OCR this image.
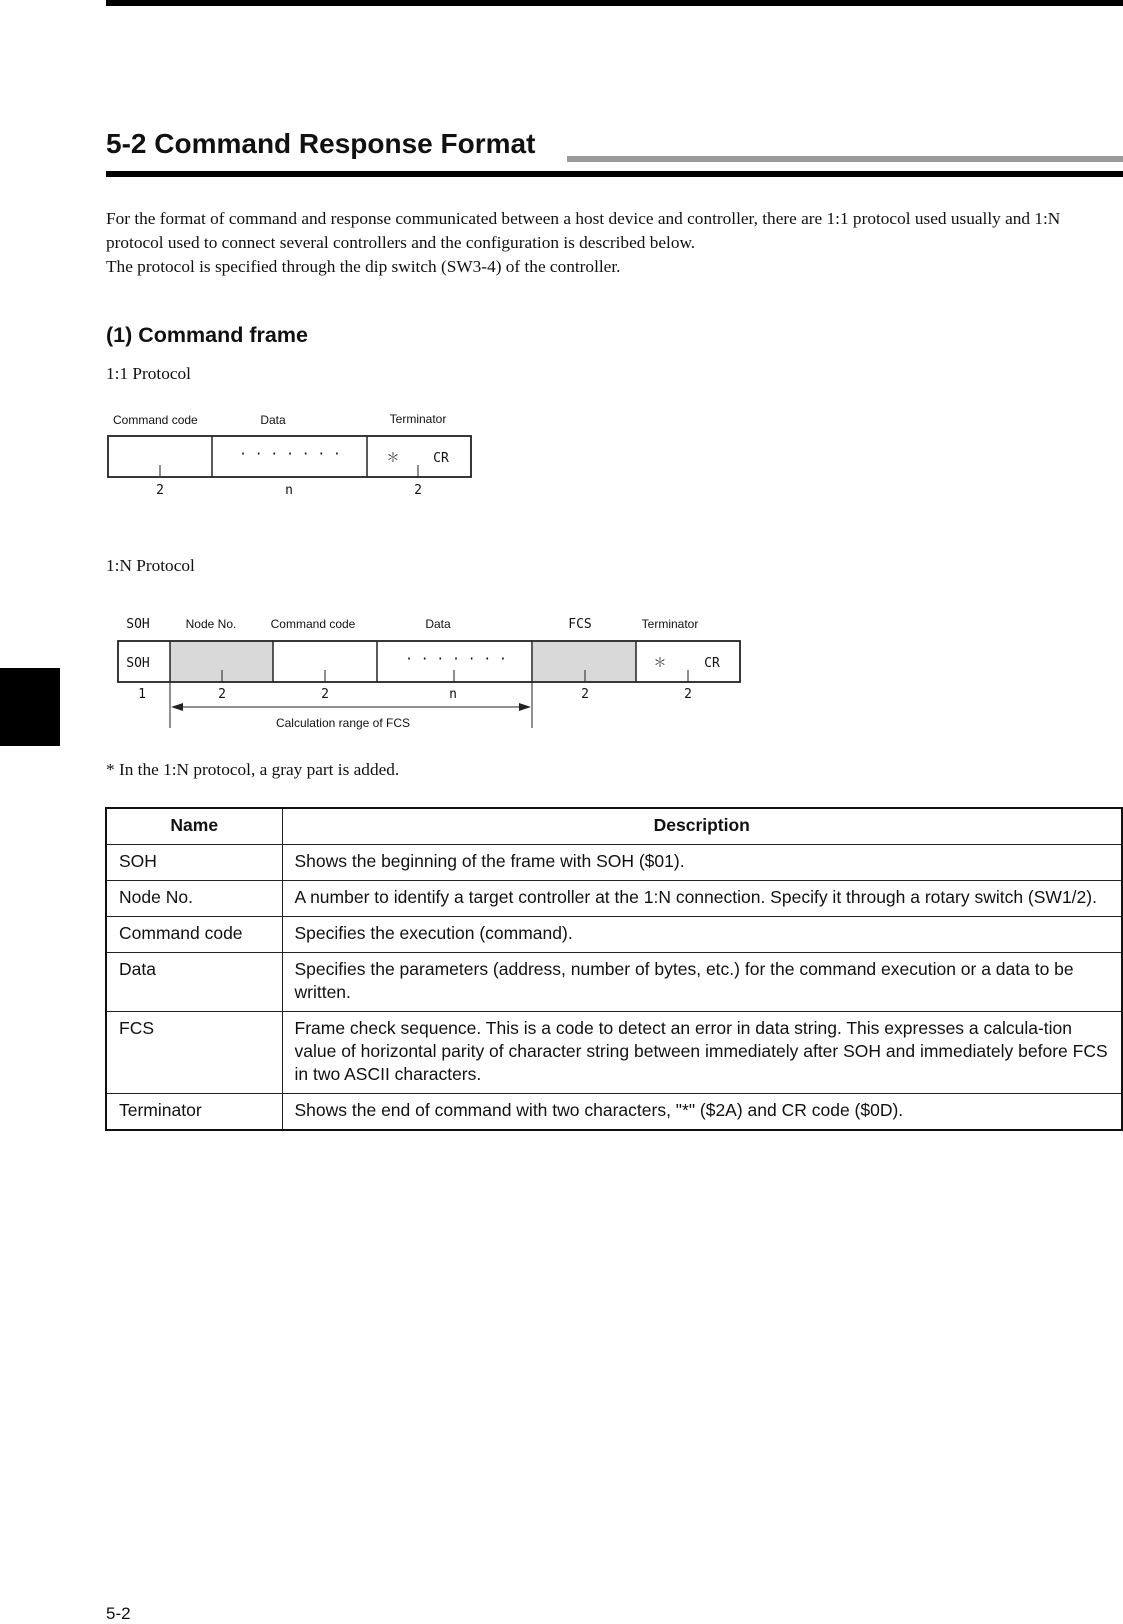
5-2 Command Response Format

For the format of command and response communicated between a host device and controller, there are 1:1 protocol used usually and 1:N protocol used to connect several controllers and the configuration is described below.

The protocol is specified through the dip switch (SW3-4) of the controller.

(1) Command frame
1:1 Protocol
Command code	Data	Terminator
· · · · · · ·	＊	CR
2	n	2
1:N Protocol
SOH	Node No.	Command code	Data	FCS	Terminator
SOH	· · · · · · ·	＊	CR
1	2	2	n	2	2
Calculation range of FCS
* In the 1:N protocol, a gray part is added.
Name	Description
SOH	Shows the beginning of the frame with SOH ($01).
Node No.	A number to identify a target controller at the 1:N connection. Specify it through a rotary switch (SW1/2).
Command code	Specifies the execution (command).
Data	Specifies the parameters (address, number of bytes, etc.) for the command execution or a data to be written.
FCS	Frame check sequence. This is a code to detect an error in data string. This expresses a calcula-tion value of horizontal parity of character string between immediately after SOH and immediately before FCS in two ASCII characters.
Terminator	Shows the end of command with two characters, "*" ($2A) and CR code ($0D).
5-2
